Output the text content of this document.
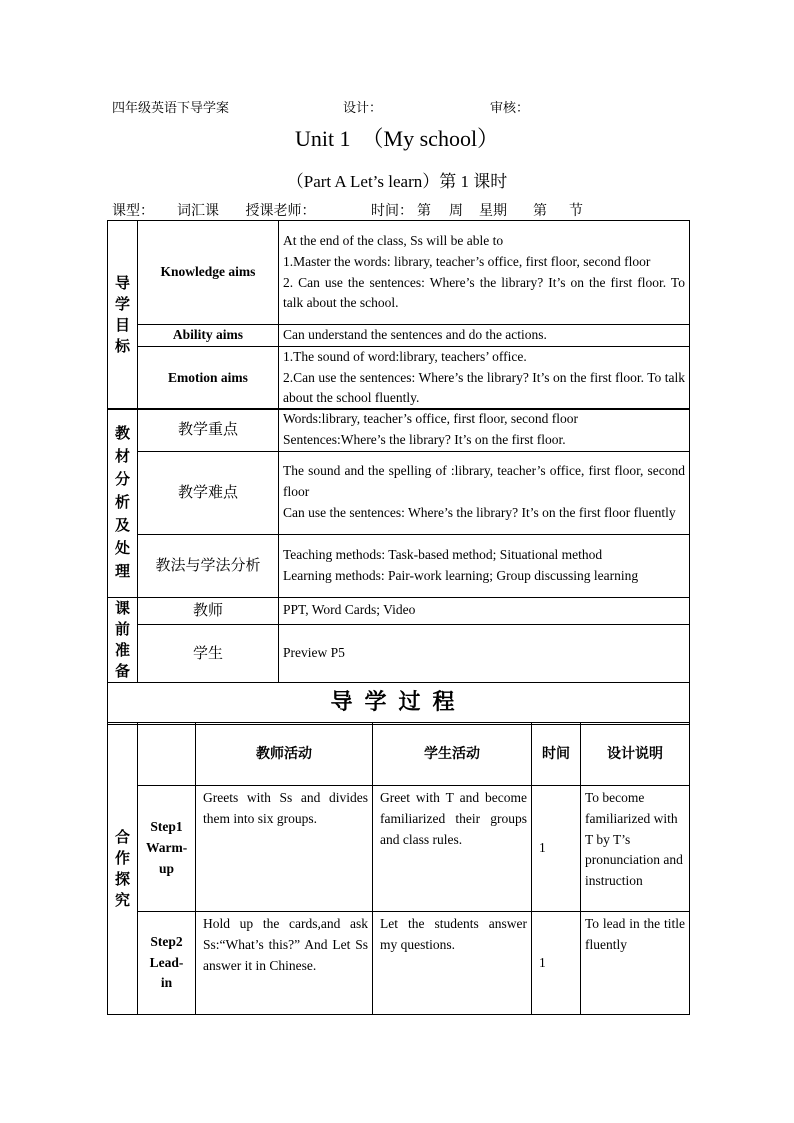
四年级英语下导学案	设计：	审核：
Unit 1　（My school）
（Part A Let’s learn）第 1 课时
课型： 词汇课 授课老师：	时间： 第 周 星期 第 节
导学目标	Knowledge aims	At the end of the class, Ss will be able to
1.Master the words: library, teacher’s office, first floor, second floor
2. Can use the sentences: Where’s the library? It’s on the first floor. To talk about the school.
	Ability aims	Can understand the sentences and do the actions.
	Emotion aims	1.The sound of word:library, teachers’ office.
2.Can use the sentences: Where’s the library? It’s on the first floor. To talk about the school fluently.
教材分析及处理	教学重点	Words:library, teacher’s office, first floor, second floor
Sentences:Where’s the library? It’s on the first floor.
	教学难点	The sound and the spelling of :library, teacher’s office, first floor, second floor
Can use the sentences: Where’s the library? It’s on the first floor fluently
	教法与学法分析	Teaching methods: Task-based method; Situational method
Learning methods: Pair-work learning; Group discussing learning

课前准备	教师	PPT, Word Cards; Video
	学生	Preview P5
导学过程		
合作探究		教师活动	学生活动	时间	设计说明
	Step1 Warm-up	Greets with Ss and divides them into six groups.	Greet with T and become familiarized their groups and class rules.	1	To become familiarized with T by T’s pronunciation and instruction
	Step2 Lead-in	Hold up the cards,and ask Ss:“What’s this?” And Let Ss answer it in Chinese.	Let the students answer my questions.	1	To lead in the title fluently
